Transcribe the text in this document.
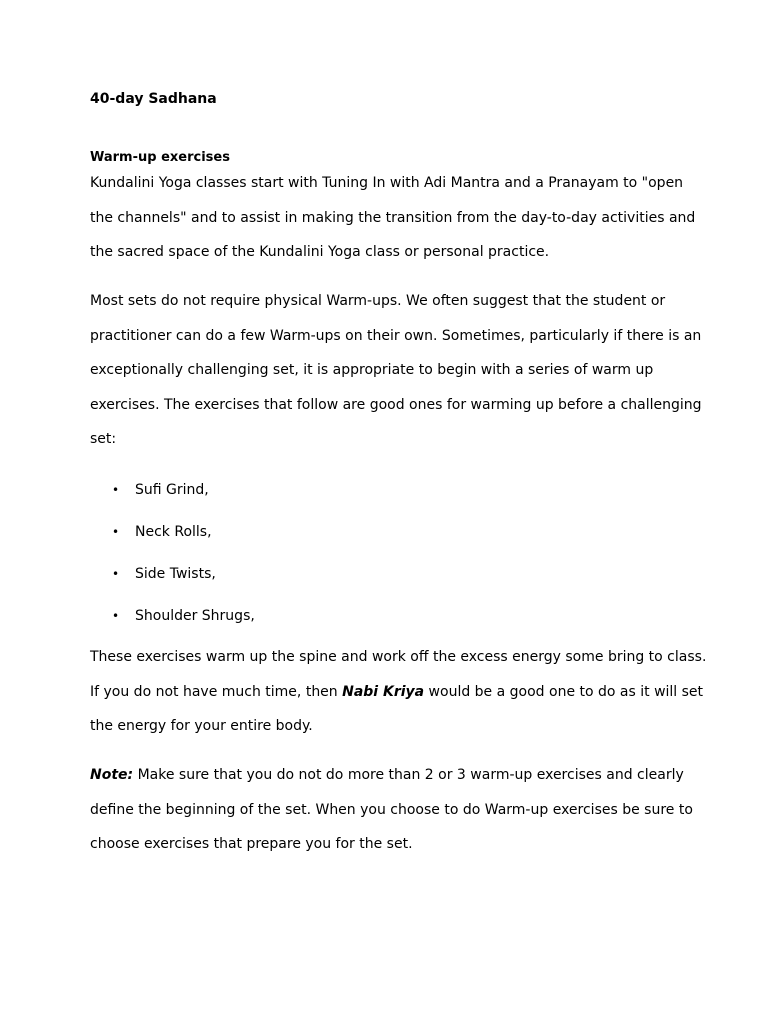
40-day Sadhana
Warm-up exercises

Kundalini Yoga classes start with Tuning In with Adi Mantra and a Pranayam to "open the channels" and to assist in making the transition from the day-to-day activities and the sacred space of the Kundalini Yoga class or personal practice.

Most sets do not require physical Warm-ups. We often suggest that the student or practitioner can do a few Warm-ups on their own. Sometimes, particularly if there is an exceptionally challenging set, it is appropriate to begin with a series of warm up exercises. The exercises that follow are good ones for warming up before a challenging set:

• Sufi Grind,
• Neck Rolls,
• Side Twists,
• Shoulder Shrugs,

These exercises warm up the spine and work off the excess energy some bring to class. If you do not have much time, then Nabi Kriya would be a good one to do as it will set the energy for your entire body.

Note: Make sure that you do not do more than 2 or 3 warm-up exercises and clearly define the beginning of the set. When you choose to do Warm-up exercises be sure to choose exercises that prepare you for the set.
